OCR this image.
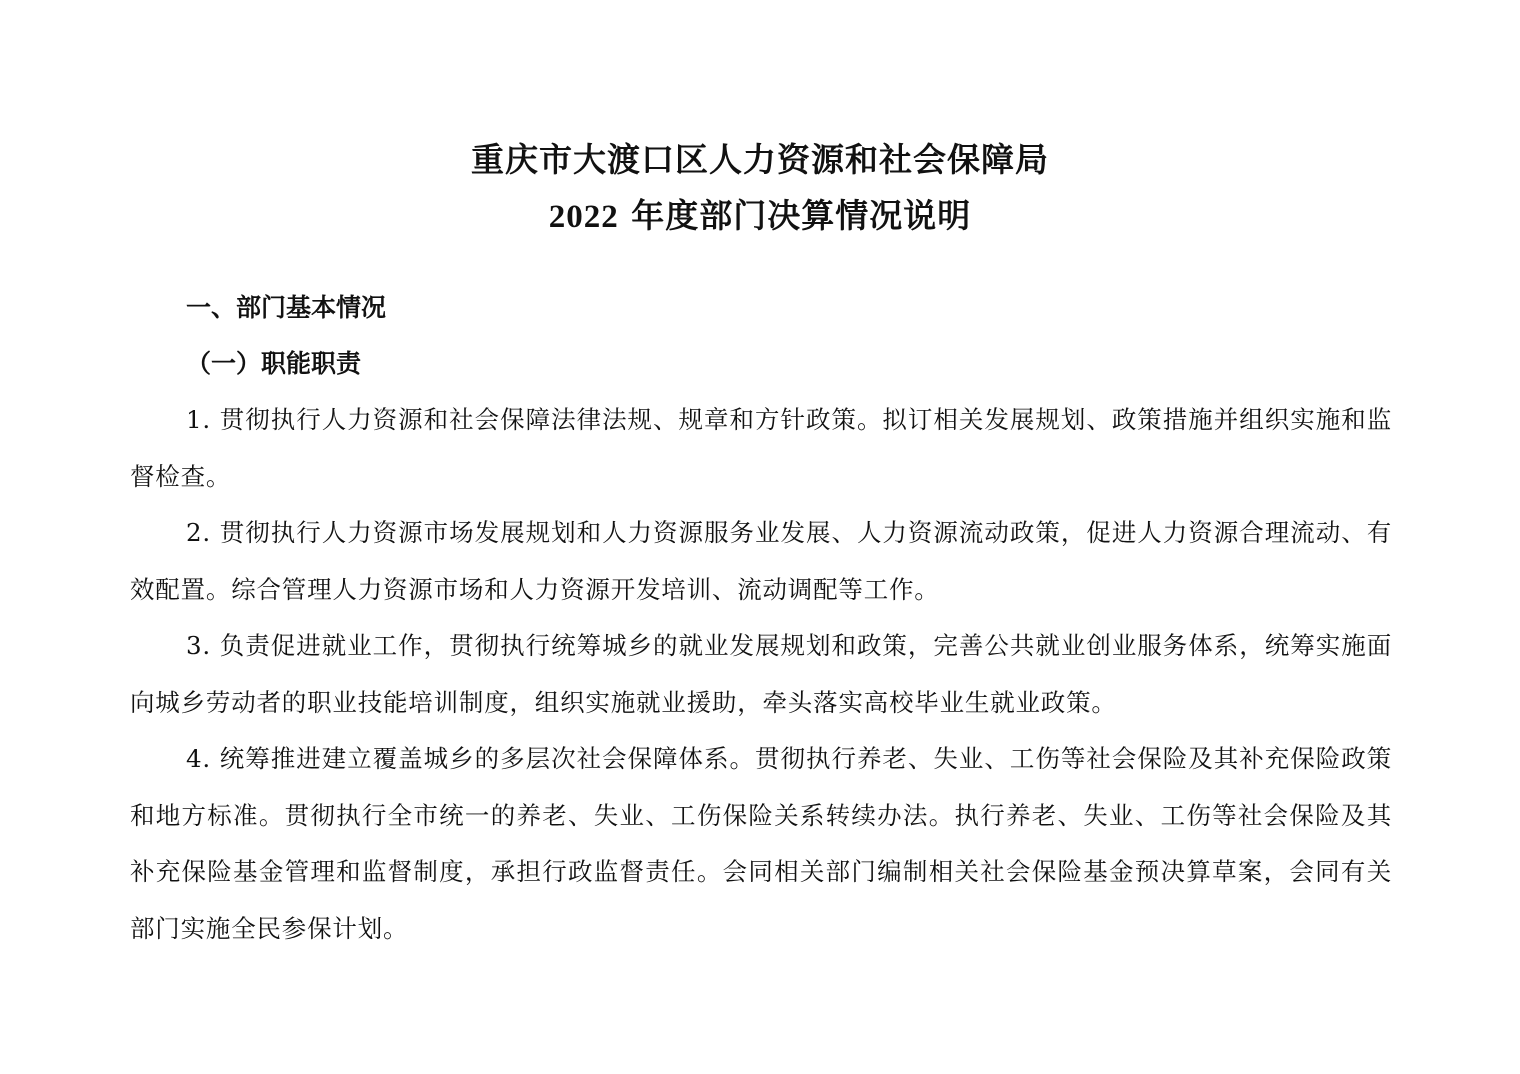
重庆市大渡口区人力资源和社会保障局
2022 年度部门决算情况说明
一、部门基本情况
（一）职能职责

1. 贯彻执行人力资源和社会保障法律法规、规章和方针政策。拟订相关发展规划、政策措施并组织实施和监督检查。

2. 贯彻执行人力资源市场发展规划和人力资源服务业发展、人力资源流动政策，促进人力资源合理流动、有效配置。综合管理人力资源市场和人力资源开发培训、流动调配等工作。

3. 负责促进就业工作，贯彻执行统筹城乡的就业发展规划和政策，完善公共就业创业服务体系，统筹实施面向城乡劳动者的职业技能培训制度，组织实施就业援助，牵头落实高校毕业生就业政策。

4. 统筹推进建立覆盖城乡的多层次社会保障体系。贯彻执行养老、失业、工伤等社会保险及其补充保险政策和地方标准。贯彻执行全市统一的养老、失业、工伤保险关系转续办法。执行养老、失业、工伤等社会保险及其补充保险基金管理和监督制度，承担行政监督责任。会同相关部门编制相关社会保险基金预决算草案，会同有关部门实施全民参保计划。
